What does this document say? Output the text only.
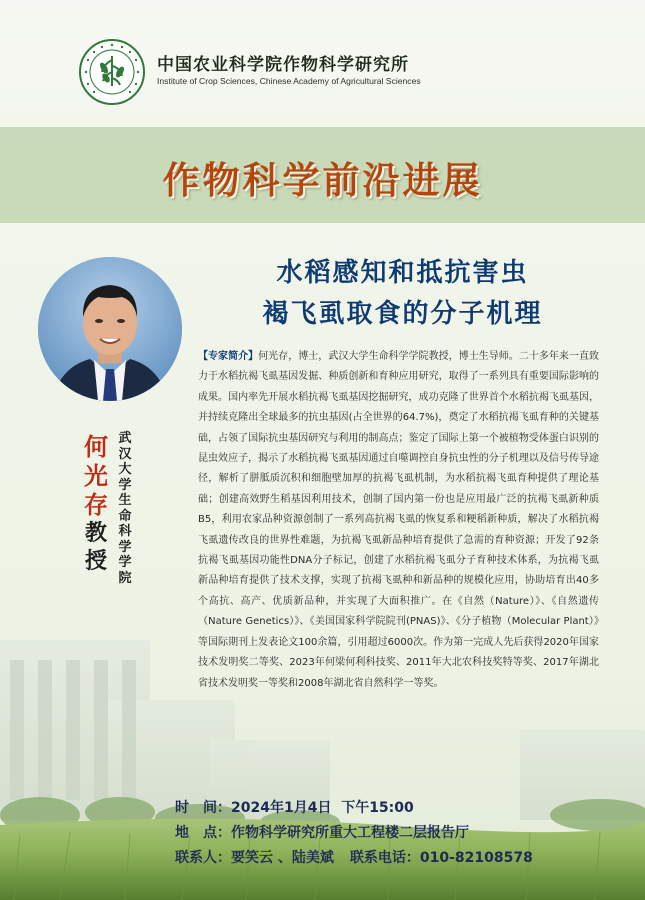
中国农业科学院作物科学研究所
Institute of Crop Sciences, Chinese Academy of Agricultural Sciences
作物科学前沿进展
水稻感知和抵抗害虫
褐飞虱取食的分子机理
何
光
存
教
授
武
汉
大
学
生
命
科
学
学
院
【专家简介】何光存，博士，武汉大学生命科学学院教授，博士生导师。二十多年来一直致力于水稻抗褐飞虱基因发掘、种质创新和育种应用研究，取得了一系列具有重要国际影响的成果。国内率先开展水稻抗褐飞虱基因挖掘研究，成功克隆了世界首个水稻抗褐飞虱基因，并持续克隆出全球最多的抗虫基因(占全世界的64.7%)，奠定了水稻抗褐飞虱育种的关键基础，占领了国际抗虫基因研究与利用的制高点；鉴定了国际上第一个被植物受体蛋白识别的昆虫效应子，揭示了水稻抗褐飞虱基因通过自噬调控自身抗虫性的分子机理以及信号传导途径，解析了胼胝质沉积和细胞壁加厚的抗褐飞虱机制，为水稻抗褐飞虱育种提供了理论基础；创建高效野生稻基因利用技术，创制了国内第一份也是应用最广泛的抗褐飞虱新种质B5，利用农家品种资源创制了一系列高抗褐飞虱的恢复系和粳稻新种质，解决了水稻抗褐飞虱遗传改良的世界性难题，为抗褐飞虱新品种培育提供了急需的育种资源；开发了92条抗褐飞虱基因功能性DNA分子标记，创建了水稻抗褐飞虱分子育种技术体系，为抗褐飞虱新品种培育提供了技术支撑，实现了抗褐飞虱种和新品种的规模化应用，协助培育出40多个高抗、高产、优质新品种，并实现了大面积推广。在《自然（Nature）》、《自然遗传（Nature Genetics）》、《美国国家科学院院刊(PNAS)》、《分子植物（Molecular Plant）》等国际期刊上发表论文100余篇，引用超过6000次。作为第一完成人先后获得2020年国家技术发明奖二等奖、2023年何梁何利科技奖、2011年大北农科技奖特等奖、2017年湖北省技术发明奖一等奖和2008年湖北省自然科学一等奖。
时　间：2024年1月4日  下午15:00
地　点：作物科学研究所重大工程楼二层报告厅
联系人：要笑云 、陆美斌 联系电话：010-82108578
